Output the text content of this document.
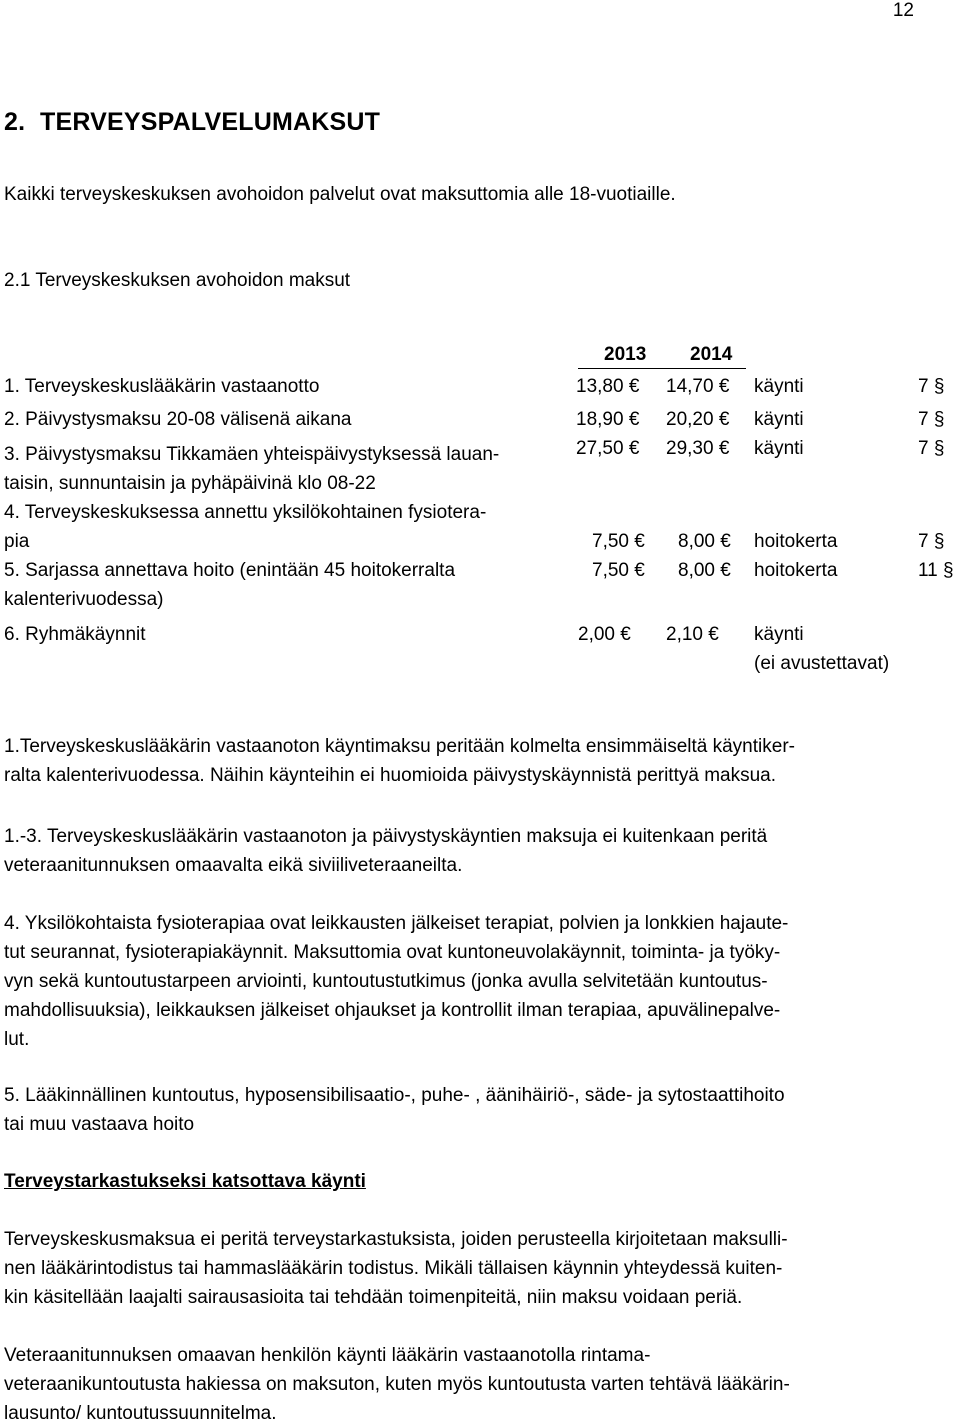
12
2. TERVEYSPALVELUMAKSUT
Kaikki terveyskeskuksen avohoidon palvelut ovat maksuttomia alle 18-vuotiaille.
2.1 Terveyskeskuksen avohoidon maksut
2013 2014
1. Terveyskeskuslääkärin vastaanotto	13,80 € 14,70 € käynti	7 §
2. Päivystysmaksu 20-08 välisenä aikana	18,90 € 20,20 € käynti	7 §
3. Päivystysmaksu Tikkamäen yhteispäivystyksessä lauan-
taisin, sunnuntaisin ja pyhäpäivinä klo 08-22
27,50 € 29,30 € käynti	7 §
4. Terveyskeskuksessa annettu yksilökohtainen fysiotera-
pia	7,50 € 8,00 € hoitokerta	7 §
5. Sarjassa annettava hoito (enintään 45 hoitokerralta
kalenterivuodessa)
7,50 € 8,00 € hoitokerta	11 §
6. Ryhmäkäynnit	2,00 € 2,10 € käynti
(ei avustettavat)
1.Terveyskeskuslääkärin vastaanoton käyntimaksu peritään kolmelta ensimmäiseltä käyntiker-
ralta kalenterivuodessa. Näihin käynteihin ei huomioida päivystyskäynnistä perittyä maksua.
1.-3. Terveyskeskuslääkärin vastaanoton ja päivystyskäyntien maksuja ei kuitenkaan peritä
veteraanitunnuksen omaavalta eikä siviiliveteraaneilta.
4. Yksilökohtaista fysioterapiaa ovat leikkausten jälkeiset terapiat, polvien ja lonkkien hajaute-
tut seurannat, fysioterapiakäynnit. Maksuttomia ovat kuntoneuvolakäynnit, toiminta- ja työky-
vyn sekä kuntoutustarpeen arviointi, kuntoutustutkimus (jonka avulla selvitetään kuntoutus-
mahdollisuuksia), leikkauksen jälkeiset ohjaukset ja kontrollit ilman terapiaa, apuvälinepalve-
lut.
5. Lääkinnällinen kuntoutus, hyposensibilisaatio-, puhe- , äänihäiriö-, säde- ja sytostaattihoito
tai muu vastaava hoito
Terveystarkastukseksi katsottava käynti
Terveyskeskusmaksua ei peritä terveystarkastuksista, joiden perusteella kirjoitetaan maksulli-
nen lääkärintodistus tai hammaslääkärin todistus. Mikäli tällaisen käynnin yhteydessä kuiten-
kin käsitellään laajalti sairausasioita tai tehdään toimenpiteitä, niin maksu voidaan periä.
Veteraanitunnuksen omaavan henkilön käynti lääkärin vastaanotolla rintama-
veteraanikuntoutusta hakiessa on maksuton, kuten myös kuntoutusta varten tehtävä lääkärin-
lausunto/ kuntoutussuunnitelma.
